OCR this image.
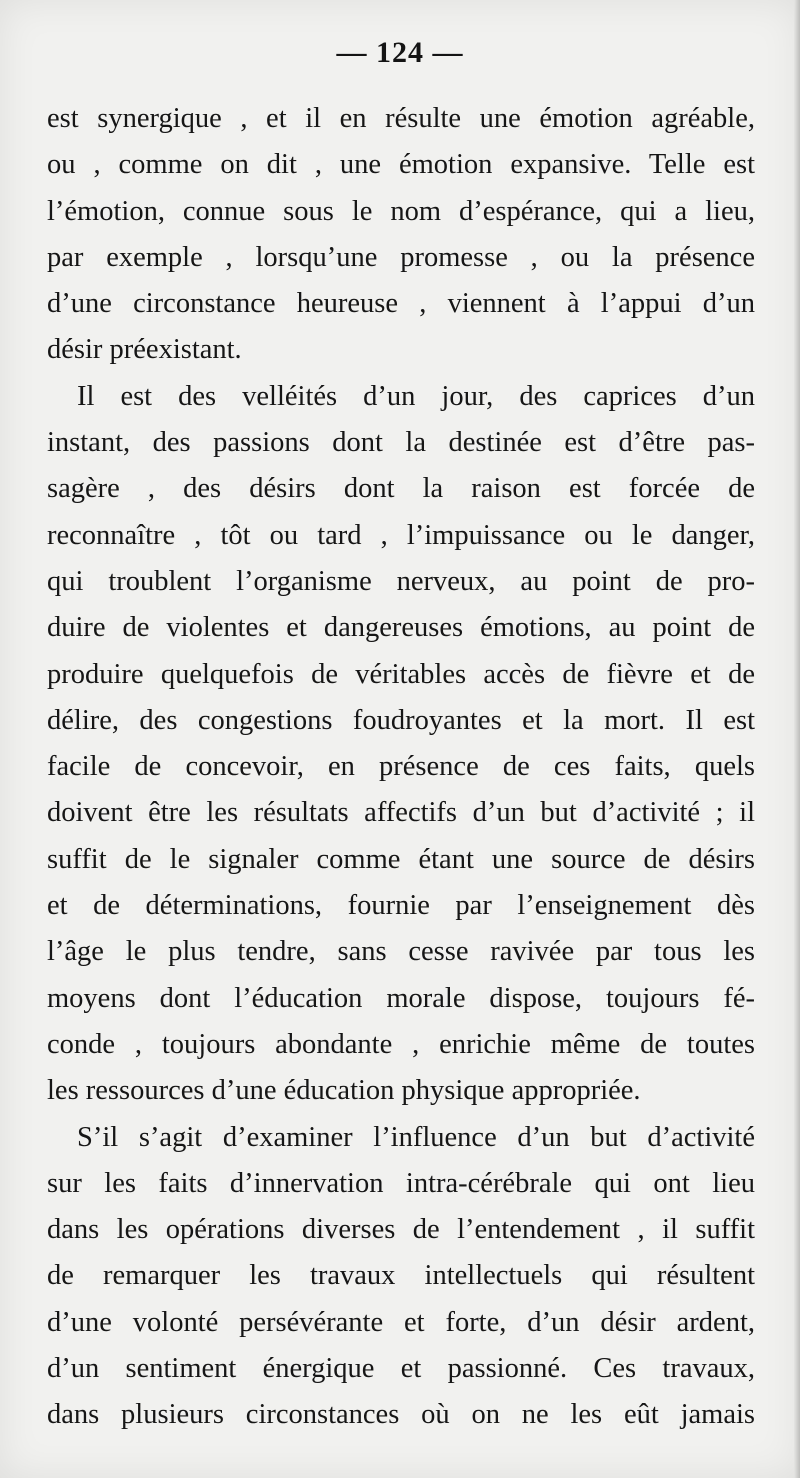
— 124 —
est synergique , et il en résulte une émotion agréable,
ou , comme on dit , une émotion expansive. Telle est
l’émotion, connue sous le nom d’espérance, qui a lieu,
par exemple , lorsqu’une promesse , ou la présence
d’une circonstance heureuse , viennent à l’appui d’un
désir préexistant.
Il est des velléités d’un jour, des caprices d’un
instant, des passions dont la destinée est d’être pas-
sagère , des désirs dont la raison est forcée de
reconnaître , tôt ou tard , l’impuissance ou le danger,
qui troublent l’organisme nerveux, au point de pro-
duire de violentes et dangereuses émotions, au point de
produire quelquefois de véritables accès de fièvre et de
délire, des congestions foudroyantes et la mort. Il est
facile de concevoir, en présence de ces faits, quels
doivent être les résultats affectifs d’un but d’activité ; il
suffit de le signaler comme étant une source de désirs
et de déterminations, fournie par l’enseignement dès
l’âge le plus tendre, sans cesse ravivée par tous les
moyens dont l’éducation morale dispose, toujours fé-
conde , toujours abondante , enrichie même de toutes
les ressources d’une éducation physique appropriée.
S’il s’agit d’examiner l’influence d’un but d’activité
sur les faits d’innervation intra-cérébrale qui ont lieu
dans les opérations diverses de l’entendement , il suffit
de remarquer les travaux intellectuels qui résultent
d’une volonté persévérante et forte, d’un désir ardent,
d’un sentiment énergique et passionné. Ces travaux,
dans plusieurs circonstances où on ne les eût jamais
